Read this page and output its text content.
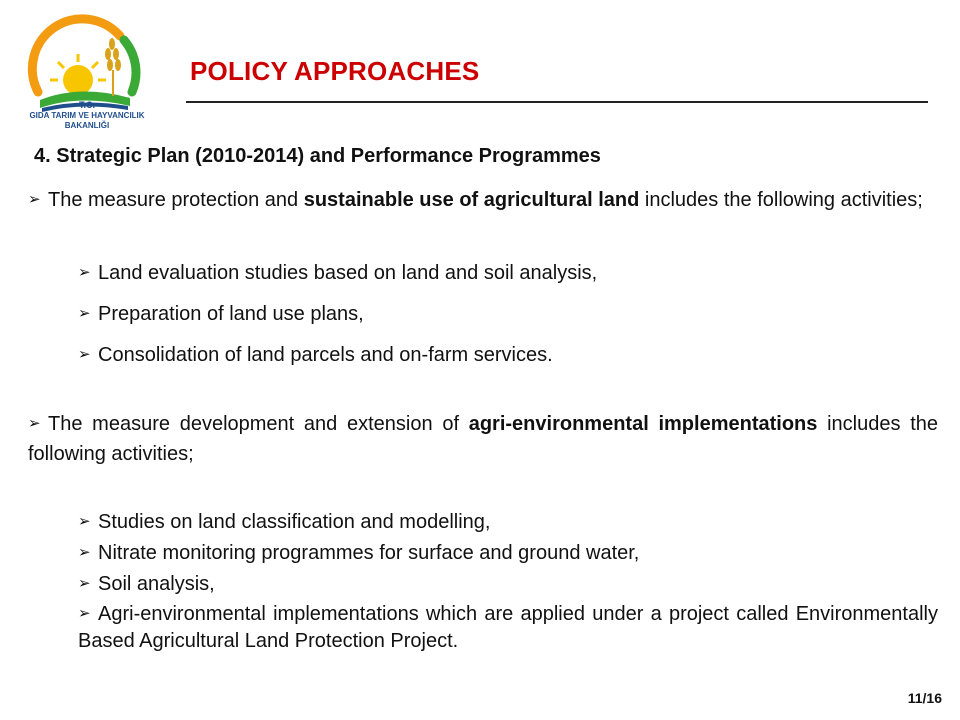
T.C.
GIDA TARIM VE HAYVANCILIK
BAKANLIĞI
POLICY APPROACHES
4. Strategic Plan (2010-2014) and Performance Programmes
➢ The measure protection and sustainable use of agricultural land includes the following activities;
➢ Land evaluation studies based on land and soil analysis,
➢ Preparation of land use plans,
➢ Consolidation of land parcels and on-farm services.
➢ The measure development and extension of agri-environmental implementations includes the following activities;
➢ Studies on land classification and modelling,
➢ Nitrate monitoring programmes for surface and ground water,
➢ Soil analysis,
➢ Agri-environmental implementations which are applied under a project called Environmentally Based Agricultural Land Protection Project.
11/16
